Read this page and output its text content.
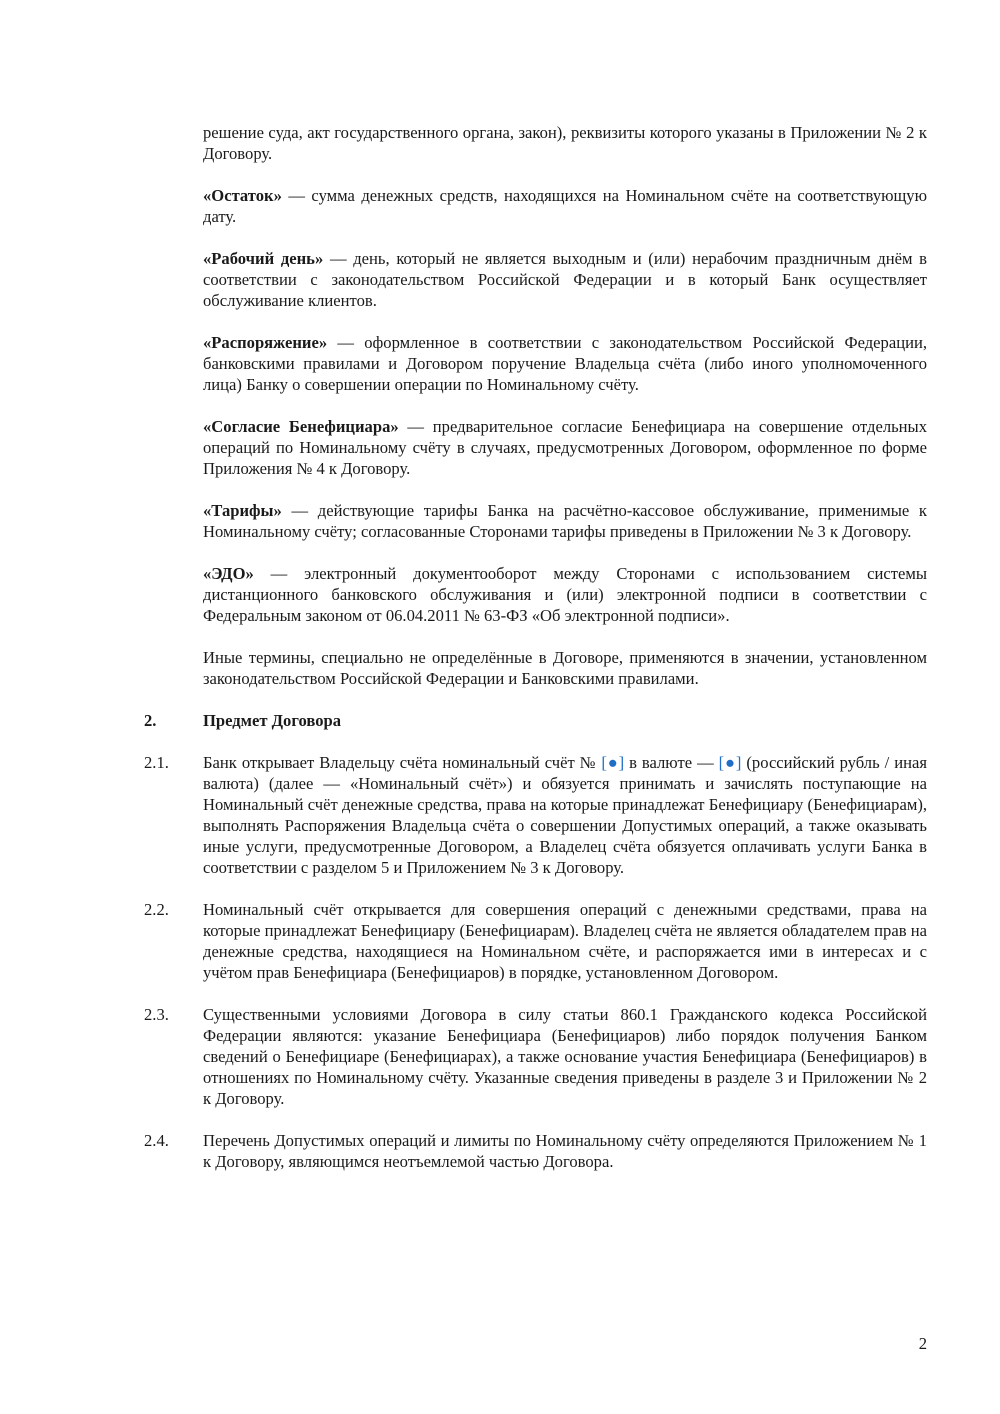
решение суда, акт государственного органа, закон), реквизиты которого указаны в Приложении № 2 к Договору.
«Остаток» — сумма денежных средств, находящихся на Номинальном счёте на соответствующую дату.
«Рабочий день» — день, который не является выходным и (или) нерабочим праздничным днём в соответствии с законодательством Российской Федерации и в который Банк осуществляет обслуживание клиентов.
«Распоряжение» — оформленное в соответствии с законодательством Российской Федерации, банковскими правилами и Договором поручение Владельца счёта (либо иного уполномоченного лица) Банку о совершении операции по Номинальному счёту.
«Согласие Бенефициара» — предварительное согласие Бенефициара на совершение отдельных операций по Номинальному счёту в случаях, предусмотренных Договором, оформленное по форме Приложения № 4 к Договору.
«Тарифы» — действующие тарифы Банка на расчётно-кассовое обслуживание, применимые к Номинальному счёту; согласованные Сторонами тарифы приведены в Приложении № 3 к Договору.
«ЭДО» — электронный документооборот между Сторонами с использованием системы дистанционного банковского обслуживания и (или) электронной подписи в соответствии с Федеральным законом от 06.04.2011 № 63-ФЗ «Об электронной подписи».
Иные термины, специально не определённые в Договоре, применяются в значении, установленном законодательством Российской Федерации и Банковскими правилами.
2.	Предмет Договора
2.1. Банк открывает Владельцу счёта номинальный счёт № [●] в валюте — [●] (российский рубль / иная валюта) (далее — «Номинальный счёт») и обязуется принимать и зачислять поступающие на Номинальный счёт денежные средства, права на которые принадлежат Бенефициару (Бенефициарам), выполнять Распоряжения Владельца счёта о совершении Допустимых операций, а также оказывать иные услуги, предусмотренные Договором, а Владелец счёта обязуется оплачивать услуги Банка в соответствии с разделом 5 и Приложением № 3 к Договору.
2.2. Номинальный счёт открывается для совершения операций с денежными средствами, права на которые принадлежат Бенефициару (Бенефициарам). Владелец счёта не является обладателем прав на денежные средства, находящиеся на Номинальном счёте, и распоряжается ими в интересах и с учётом прав Бенефициара (Бенефициаров) в порядке, установленном Договором.
2.3. Существенными условиями Договора в силу статьи 860.1 Гражданского кодекса Российской Федерации являются: указание Бенефициара (Бенефициаров) либо порядок получения Банком сведений о Бенефициаре (Бенефициарах), а также основание участия Бенефициара (Бенефициаров) в отношениях по Номинальному счёту. Указанные сведения приведены в разделе 3 и Приложении № 2 к Договору.
2.4. Перечень Допустимых операций и лимиты по Номинальному счёту определяются Приложением № 1 к Договору, являющимся неотъемлемой частью Договора.
2
